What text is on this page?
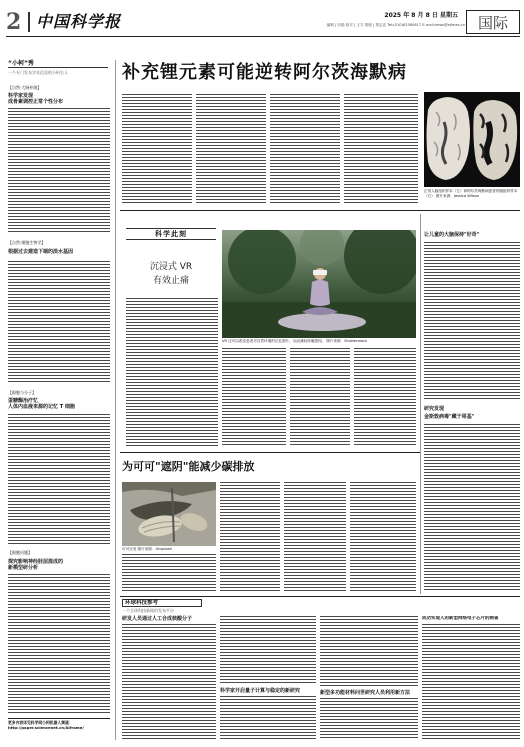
2 中国科学报	2025 年 8 月 8 日 星期五
编辑 | 田瑞 校对 | 王方 排版 | 贾志忠 Tel:(010)62580617 E-mail:news@stimes.cn 国际
“小柯”秀
一个专门发布学术信息的小柯名人
【自然·大肠杆菌】
科学家发现
成骨素调控正常个性分布
【自然·细胞生物学】
根据过去建造下端的淡水基因
【细胞与分子】
蛋糖酶治疗忆
人体内血液来源的记忆 T 细胞
【细胞问题】
探究影响神经胚层混成的
新模型研分析
更多内容详见科学网小柯机器人频道：
http://paper.sciencenet.cn/Aiframe/
补充锂元素可能逆转阿尔茨海默病
正常人脑组织样本（左）和阿尔茨海默病患者的脑组织样本（右） 图片来源：Jessica Wilson
科学此刻
沉浸式 VR
有效止痛
VR 还可以改变患者对自然环境的记忆图片，从而减轻疼痛感知。 图片来源：Shutterstock
让儿童的大脑保持"好奇"
研究发现
金斯敦病毒"藏于哥基"
为可可"遮阴"能减少碳排放
可可豆荚 图片来源：Unsplash
环球科技参考
一个全球科技新闻的发布平台
研发人员通过人工合成核酸分子
科学家开启量子计算与稳定的新研究	新型多功能材料问世研究人员利用新方法
成功实现人的新型网络电子芯片的制备
